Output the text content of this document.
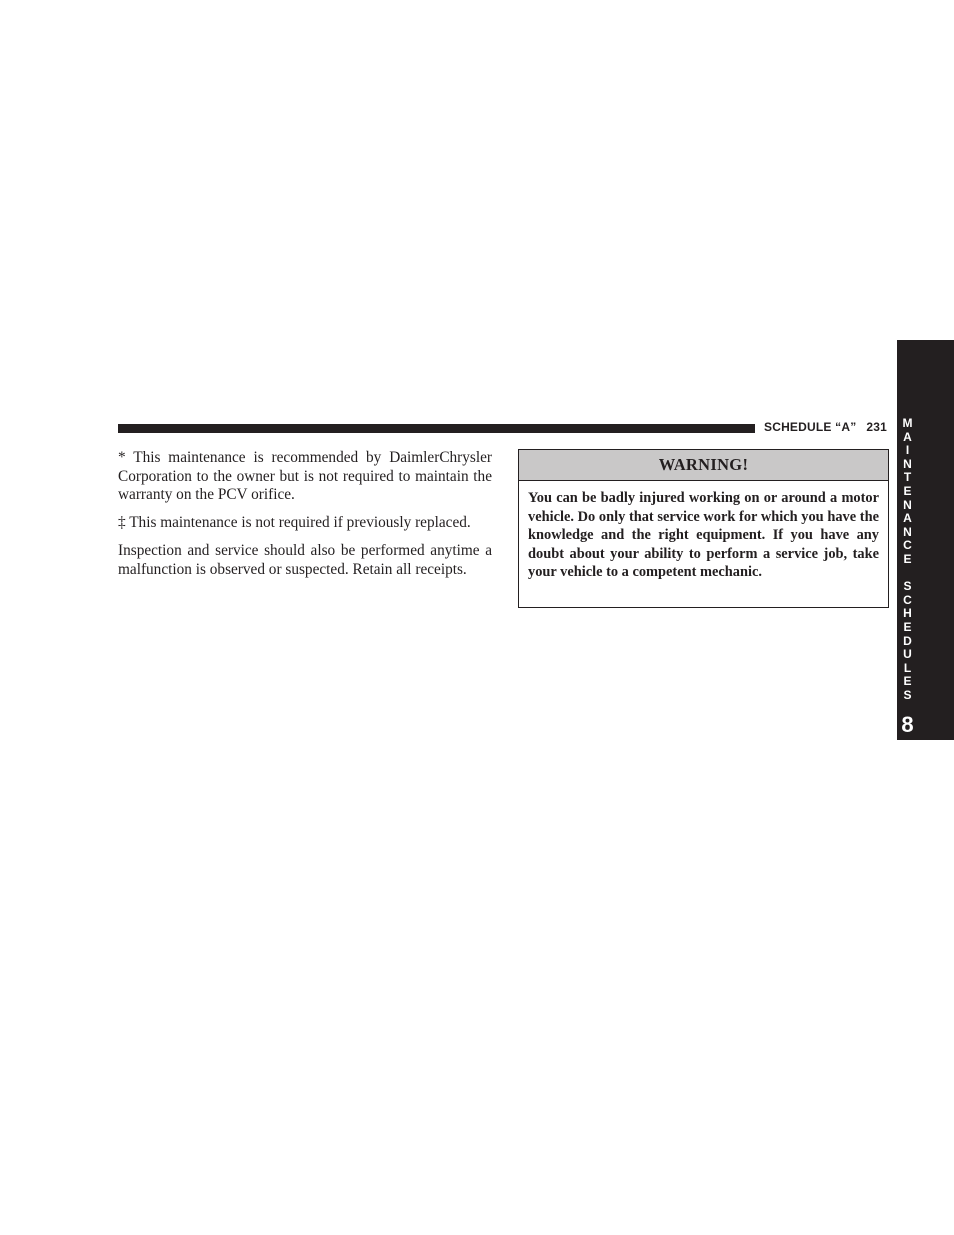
SCHEDULE “A” 231

* This maintenance is recommended by DaimlerChrysler Corporation to the owner but is not required to maintain the warranty on the PCV orifice.

‡ This maintenance is not required if previously replaced.

Inspection and service should also be performed anytime a malfunction is observed or suspected. Retain all receipts.

WARNING!
You can be badly injured working on or around a motor vehicle. Do only that service work for which you have the knowledge and the right equipment. If you have any doubt about your ability to perform a service job, take your vehicle to a competent mechanic.
M
A
I
N
T
E
N
A
N
C
E
S
C
H
E
D
U
L
E
S
8
